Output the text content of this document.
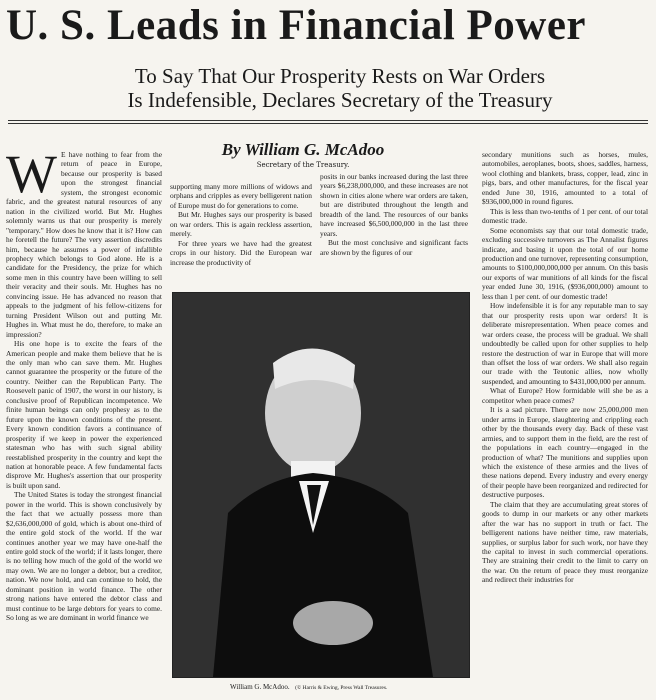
U. S. Leads in Financial Power
To Say That Our Prosperity Rests on War Orders
Is Indefensible, Declares Secretary of the Treasury
By William G. McAdoo
Secretary of the Treasury.
W E have nothing to fear from the return of peace in Europe, because our prosperity is based upon the strongest financial system, the strongest economic fabric, and the greatest natural resources of any nation in the civilized world. But Mr. Hughes solemnly warns us that our prosperity is merely "temporary." How does he know that it is? How can he foretell the future? The very assertion discredits him, because he assumes a power of infallible prophecy which belongs to God alone. He is a candidate for the Presidency, the prize for which some men in this country have been willing to sell their veracity and their souls. Mr. Hughes has no convincing issue. He has advanced no reason that appeals to the judgment of his fellow-citizens for turning President Wilson out and putting Mr. Hughes in. What must he do, therefore, to make an impression?

His one hope is to excite the fears of the American people and make them believe that he is the only man who can save them. Mr. Hughes cannot guarantee the prosperity or the future of the country. Neither can the Republican Party. The Roosevelt panic of 1907, the worst in our history, is conclusive proof of Republican incompetence. We finite human beings can only prophesy as to the future upon the known conditions of the present. Every known condition favors a continuance of prosperity if we keep in power the experienced statesman who has with such signal ability reestablished prosperity in the country and kept the nation at honorable peace. A few fundamental facts disprove Mr. Hughes's assertion that our prosperity is built upon sand.

The United States is today the strongest financial power in the world. This is shown conclusively by the fact that we actually possess more than $2,636,000,000 of gold, which is about one-third of the entire gold stock of the world. If the war continues another year we may have one-half the entire gold stock of the world; if it lasts longer, there is no telling how much of the gold of the world we may own. We are no longer a debtor, but a creditor, nation. We now hold, and can continue to hold, the dominant position in world finance. The other strong nations have entered the debtor class and must continue to be large debtors for years to come. So long as we are dominant in world finance we

supporting many more millions of widows and orphans and cripples as every belligerent nation of Europe must do for generations to come.

But Mr. Hughes says our prosperity is based on war orders. This is again reckless assertion, merely.

For three years we have had the greatest crops in our history. Did the European war increase the productivity of

posits in our banks increased during the last three years $6,238,000,000, and these increases are not shown in cities alone where war orders are taken, but are distributed throughout the length and breadth of the land. The resources of our banks have increased $6,500,000,000 in the last three years.

But the most conclusive and significant facts are shown by the figures of our

William G. McAdoo. (© Harris & Ewing, Press Wall Treasures.

secondary munitions such as horses, mules, automobiles, aeroplanes, boots, shoes, saddles, harness, wool clothing and blankets, brass, copper, lead, zinc in pigs, bars, and other manufactures, for the fiscal year ended June 30, 1916, amounted to a total of $936,000,000 in round figures.

This is less than two-tenths of 1 per cent. of our total domestic trade.

Some economists say that our total domestic trade, excluding successive turnovers as The Annalist figures indicate, and basing it upon the total of our home production and one turnover, representing consumption, amounts to $100,000,000,000 per annum. On this basis our exports of war munitions of all kinds for the fiscal year ended June 30, 1916, ($936,000,000) amount to less than 1 per cent. of our domestic trade!

How indefensible it is for any reputable man to say that our prosperity rests upon war orders! It is deliberate misrepresentation. When peace comes and war orders cease, the process will be gradual. We shall undoubtedly be called upon for other supplies to help restore the destruction of war in Europe that will more than offset the loss of war orders. We shall also regain our trade with the Teutonic allies, now wholly suspended, and amounting to $431,000,000 per annum.

What of Europe? How formidable will she be as a competitor when peace comes?

It is a sad picture. There are now 25,000,000 men under arms in Europe, slaughtering and crippling each other by the thousands every day. Back of these vast armies, and to support them in the field, are the rest of the populations in each country—engaged in the production of what? The munitions and supplies upon which the existence of these armies and the lives of these nations depend. Every industry and every energy of their people have been reorganized and redirected for destructive purposes.

The claim that they are accumulating great stores of goods to dump in our markets or any other markets after the war has no support in truth or fact. The belligerent nations have neither time, raw materials, supplies, or surplus labor for such work, nor have they the capital to invest in such commercial operations. They are straining their credit to the limit to carry on the war. On the return of peace they must reorganize and redirect their industries for
